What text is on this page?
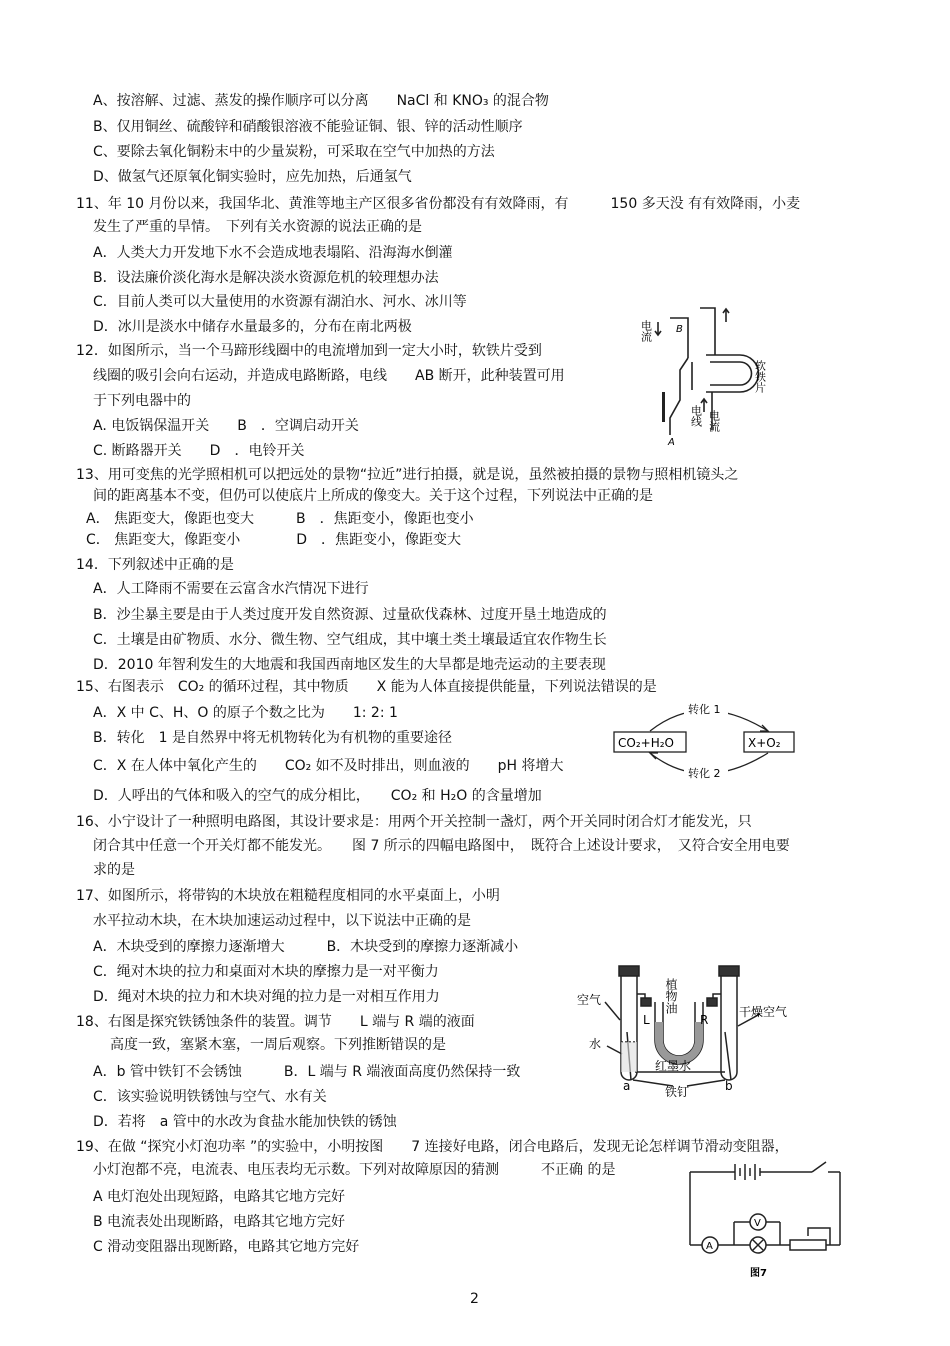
A、按溶解、过滤、蒸发的操作顺序可以分离　　NaCl 和 KNO₃ 的混合物
B、仅用铜丝、硫酸锌和硝酸银溶液不能验证铜、银、锌的活动性顺序
C、要除去氧化铜粉末中的少量炭粉，可采取在空气中加热的方法
D、做氢气还原氧化铜实验时，应先加热，后通氢气
11、年 10 月份以来，我国华北、黄淮等地主产区很多省份都没有有效降雨，有　　　150 多天没 有有效降雨，小麦
发生了严重的旱情。　下列有关水资源的说法正确的是
A．人类大力开发地下水不会造成地表塌陷、沿海海水倒灌
B．设法廉价淡化海水是解决淡水资源危机的较理想办法
C．目前人类可以大量使用的水资源有湖泊水、河水、冰川等
D．冰川是淡水中储存水量最多的，分布在南北两极
12．如图所示，当一个马蹄形线圈中的电流增加到一定大小时，软铁片受到
线圈的吸引会向右运动，并造成电路断路，电线　　AB 断开，此种装置可用
于下列电器中的
A. 电饭锅保温开关　　B　．空调启动开关
C. 断路器开关　　D　．电铃开关
13、用可变焦的光学照相机可以把远处的景物“拉近”进行拍摄，就是说，虽然被拍摄的景物与照相机镜头之
间的距离基本不变，但仍可以使底片上所成的像变大。关于这个过程，下列说法中正确的是
A． 焦距变大，像距也变大　　　B　．焦距变小，像距也变小
C． 焦距变大，像距变小　　　　D　．焦距变小，像距变大
14．下列叙述中正确的是
A．人工降雨不需要在云富含水汽情况下进行
B．沙尘暴主要是由于人类过度开发自然资源、过量砍伐森林、过度开垦土地造成的
C．土壤是由矿物质、水分、微生物、空气组成，其中壤土类土壤最适宜农作物生长
D．2010 年智利发生的大地震和我国西南地区发生的大旱都是地壳运动的主要表现
15、右图表示　CO₂ 的循环过程，其中物质　　X 能为人体直接提供能量，下列说法错误的是
A．X 中 C、H、O 的原子个数之比为　　1: 2: 1
B．转化　1 是自然界中将无机物转化为有机物的重要途径
C．X 在人体中氧化产生的　　CO₂ 如不及时排出，则血液的　　pH 将增大
D．人呼出的气体和吸入的空气的成分相比，　　CO₂ 和 H₂O 的含量增加
16、小宁设计了一种照明电路图，其设计要求是：用两个开关控制一盏灯，两个开关同时闭合灯才能发光，只
闭合其中任意一个开关灯都不能发光。　　图 7 所示的四幅电路图中，　既符合上述设计要求，　又符合安全用电要
求的是
17、如图所示，将带钩的木块放在粗糙程度相同的水平桌面上，小明
水平拉动木块，在木块加速运动过程中，以下说法中正确的是
A．木块受到的摩擦力逐渐增大　　　B．木块受到的摩擦力逐渐减小
C．绳对木块的拉力和桌面对木块的摩擦力是一对平衡力
D．绳对木块的拉力和木块对绳的拉力是一对相互作用力
18、右图是探究铁锈蚀条件的装置。调节　　L 端与 R 端的液面
高度一致，塞紧木塞，一周后观察。下列推断错误的是
A．b 管中铁钉不会锈蚀　　　B．L 端与 R 端液面高度仍然保持一致
C．该实验说明铁锈蚀与空气、水有关
D．若将　a 管中的水改为食盐水能加快铁的锈蚀
19、在做 “探究小灯泡功率 ”的实验中，小明按图　　7 连接好电路，闭合电路后，发现无论怎样调节滑动变阻器，
小灯泡都不亮，电流表、电压表均无示数。下列对故障原因的猜测　　　不正确 的是
A 电灯泡处出现短路，电路其它地方完好
B 电流表处出现断路，电路其它地方完好
C 滑动变阻器出现断路，电路其它地方完好
2
电流 B
软铁片
电线 电流
A
CO₂+H₂O	X+O₂
转化 1
转化 2
植物油
L	R
空气
水
干燥空气
红墨水
铁钉
a	b
V
A
图7
